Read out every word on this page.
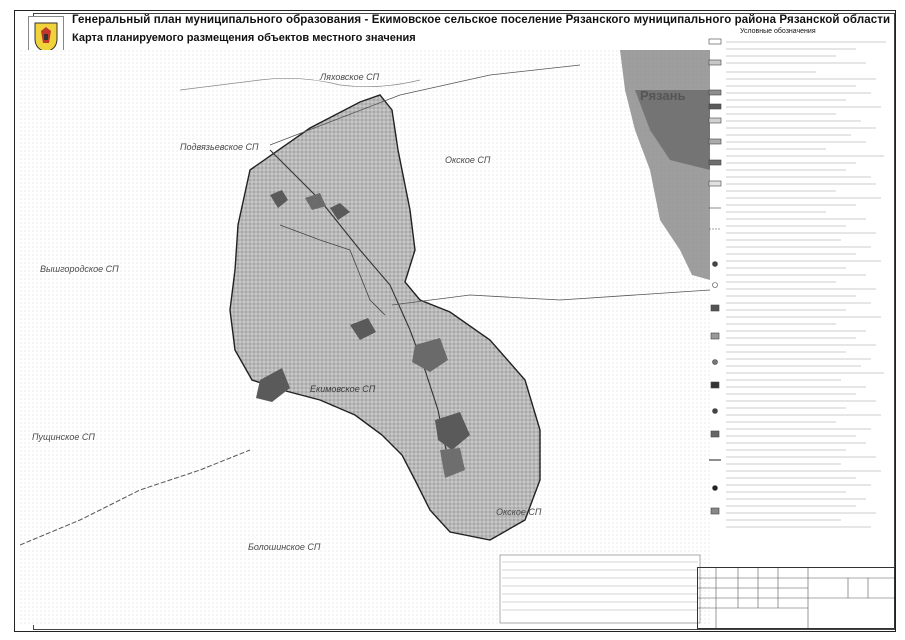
Генеральный план муниципального образования - Екимовское сельское поселение Рязанского муниципального района Рязанской области
Карта планируемого размещения объектов местного значения
Ляховское СП
Подвязьевское СП
Окское СП
Вышгородское СП
Екимовское СП
Пущинское СП
Окское СП
Болошинское СП
Рязань
Условные обозначения
